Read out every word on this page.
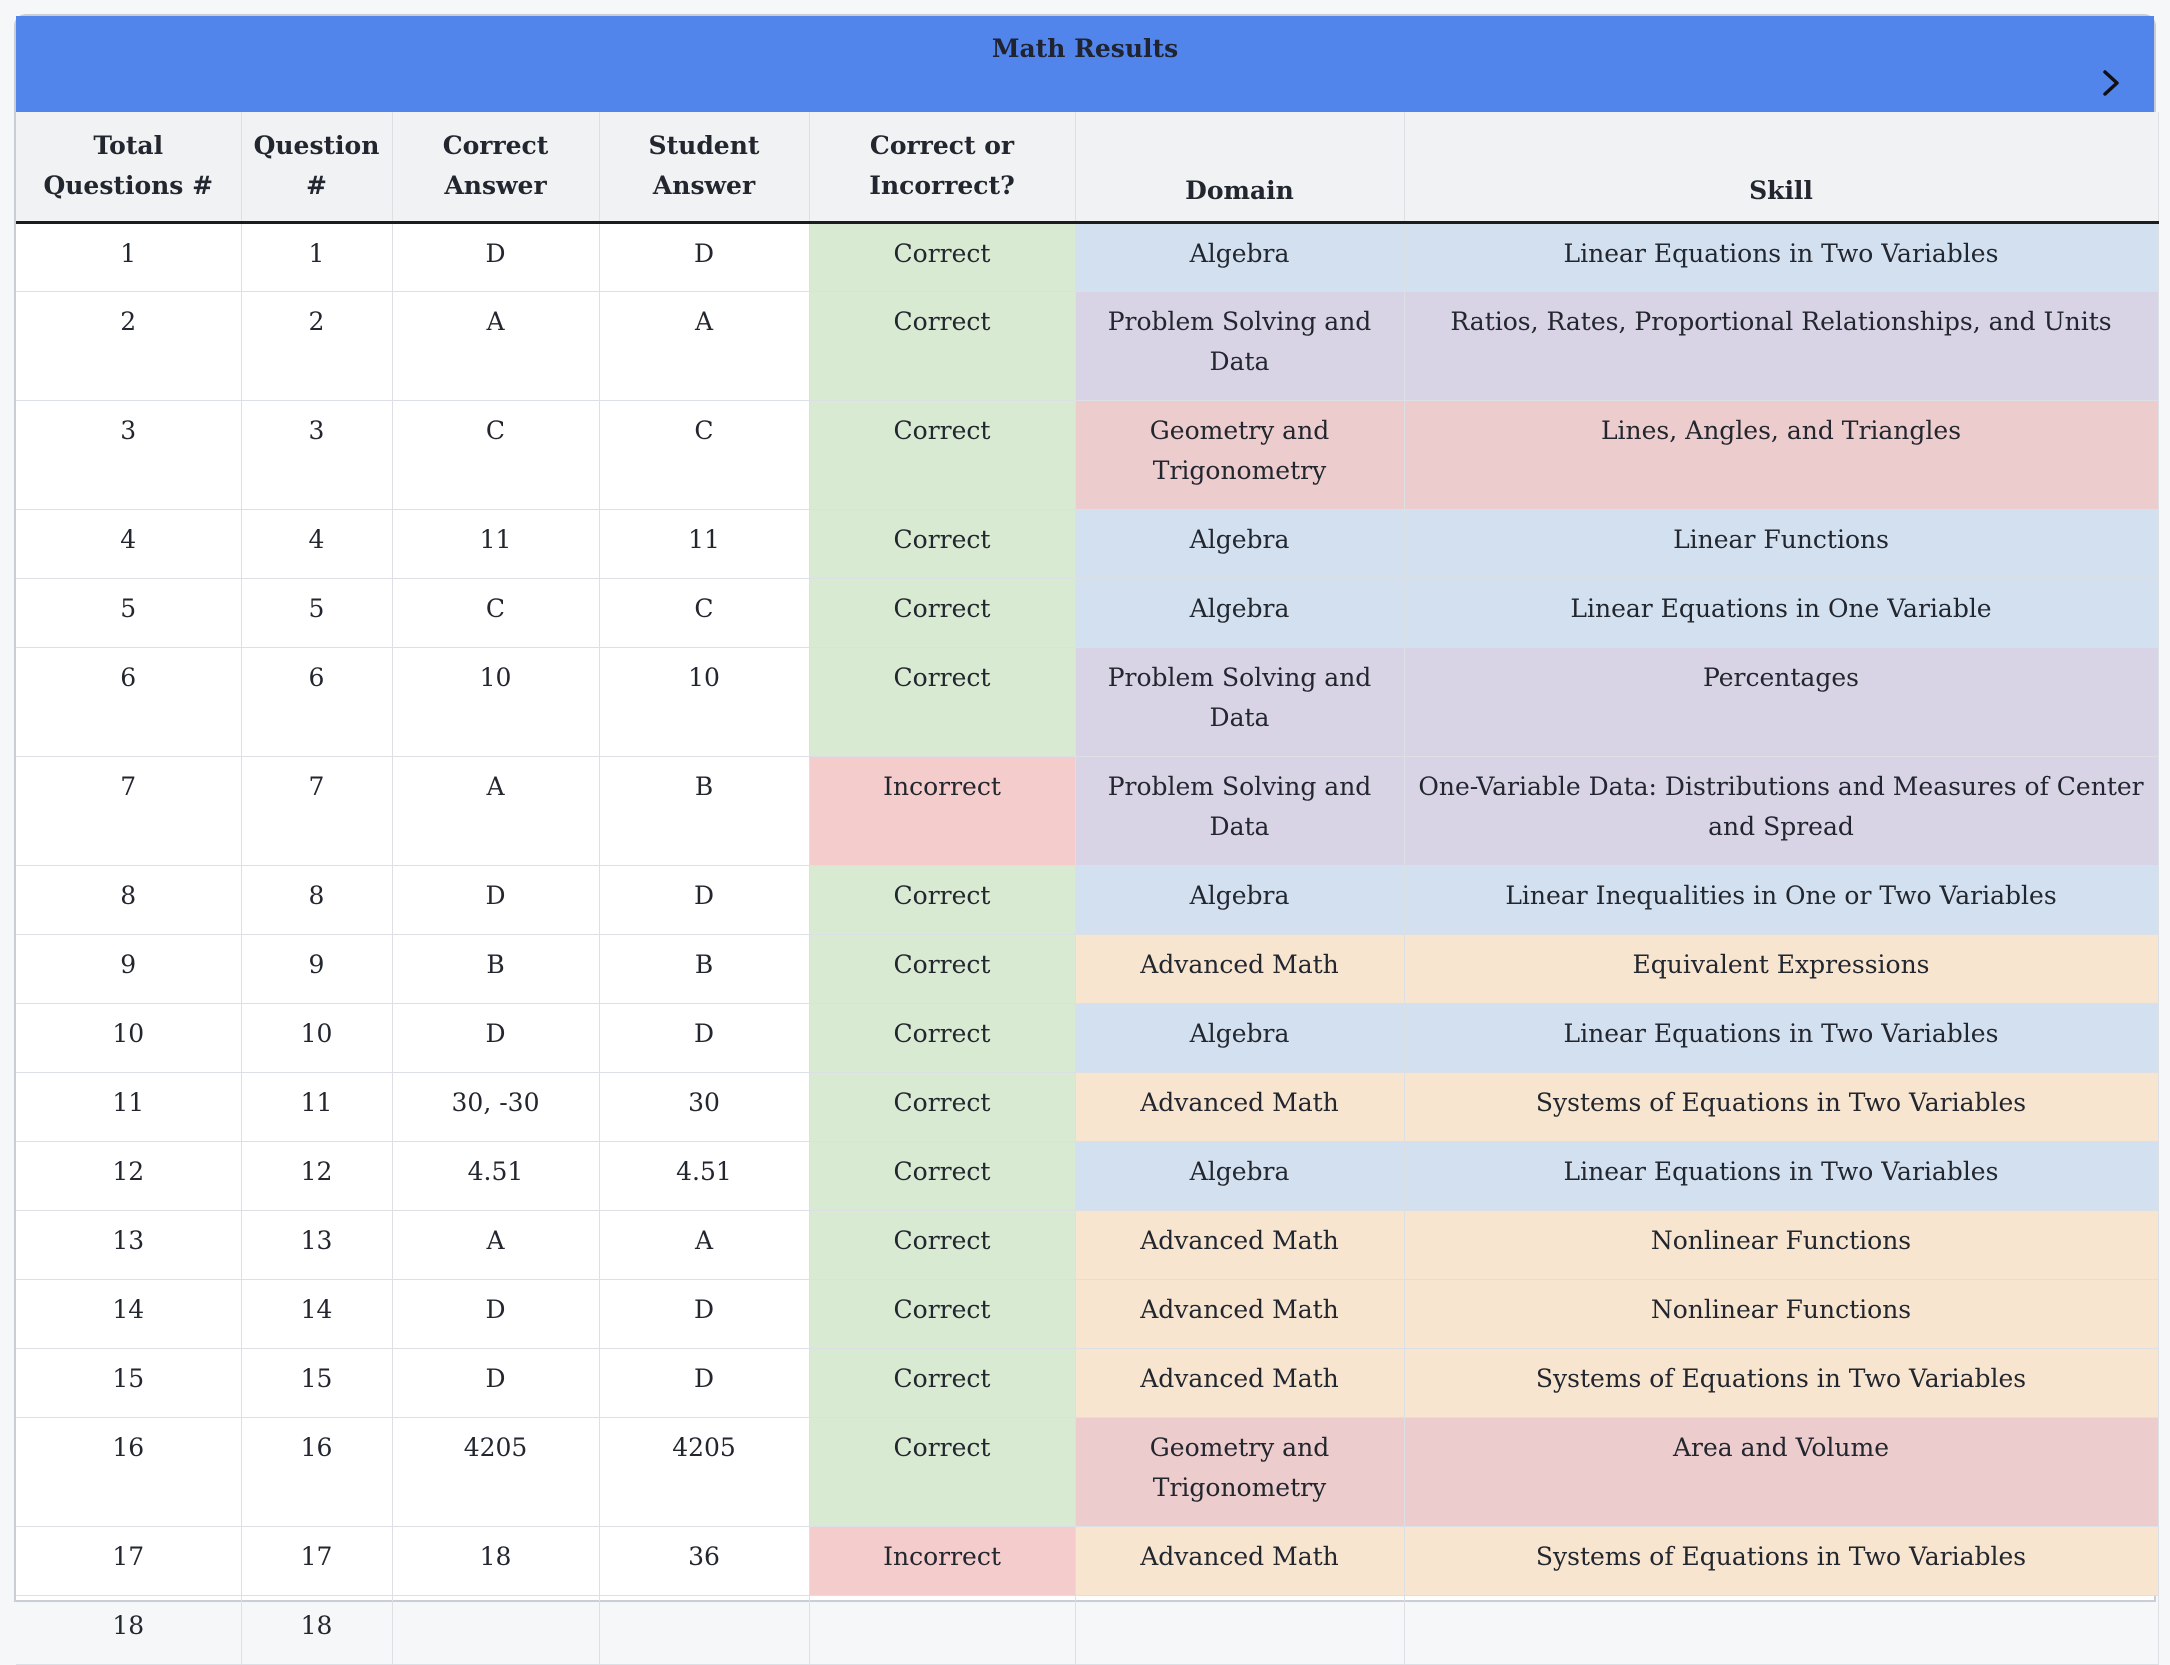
Math Results
Total Questions #	Question #	Correct Answer	Student Answer	Correct or Incorrect?	Domain	Skill
1	1	D	D	Correct	Algebra	Linear Equations in Two Variables
2	2	A	A	Correct	Problem Solving and Data	Ratios, Rates, Proportional Relationships, and Units
3	3	C	C	Correct	Geometry and Trigonometry	Lines, Angles, and Triangles
4	4	11	11	Correct	Algebra	Linear Functions
5	5	C	C	Correct	Algebra	Linear Equations in One Variable
6	6	10	10	Correct	Problem Solving and Data	Percentages
7	7	A	B	Incorrect	Problem Solving and Data	One-Variable Data: Distributions and Measures of Center and Spread
8	8	D	D	Correct	Algebra	Linear Inequalities in One or Two Variables
9	9	B	B	Correct	Advanced Math	Equivalent Expressions
10	10	D	D	Correct	Algebra	Linear Equations in Two Variables
11	11	30, -30	30	Correct	Advanced Math	Systems of Equations in Two Variables
12	12	4.51	4.51	Correct	Algebra	Linear Equations in Two Variables
13	13	A	A	Correct	Advanced Math	Nonlinear Functions
14	14	D	D	Correct	Advanced Math	Nonlinear Functions
15	15	D	D	Correct	Advanced Math	Systems of Equations in Two Variables
16	16	4205	4205	Correct	Geometry and Trigonometry	Area and Volume
17	17	18	36	Incorrect	Advanced Math	Systems of Equations in Two Variables
18	18					
